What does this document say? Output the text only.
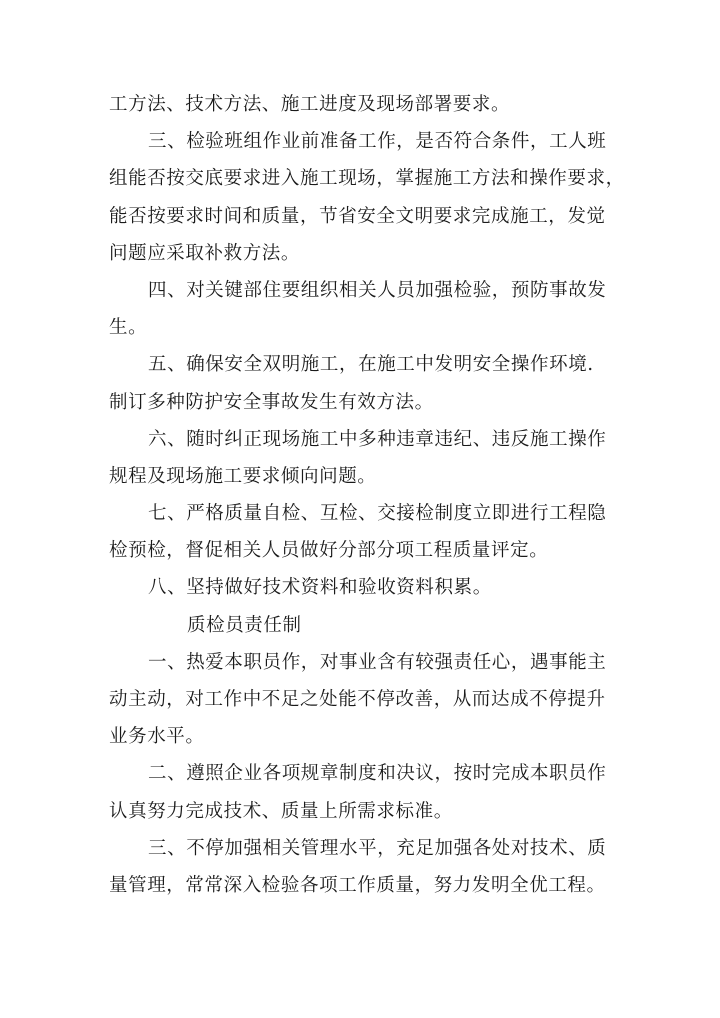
工方法、技术方法、施工进度及现场部署要求。
三、检验班组作业前准备工作，是否符合条件，工人班
组能否按交底要求进入施工现场，掌握施工方法和操作要求，
能否按要求时间和质量，节省安全文明要求完成施工，发觉
问题应采取补救方法。
四、对关键部住要组织相关人员加强检验，预防事故发
生。
五、确保安全双明施工，在施工中发明安全操作环境.
制订多种防护安全事故发生有效方法。
六、随时纠正现场施工中多种违章违纪、违反施工操作
规程及现场施工要求倾向问题。
七、严格质量自检、互检、交接检制度立即进行工程隐
检预检，督促相关人员做好分部分项工程质量评定。
八、坚持做好技术资料和验收资料积累。
质检员责任制
一、热爱本职员作，对事业含有较强责任心，遇事能主
动主动，对工作中不足之处能不停改善，从而达成不停提升
业务水平。
二、遵照企业各项规章制度和决议，按时完成本职员作
认真努力完成技术、质量上所需求标准。
三、不停加强相关管理水平，充足加强各处对技术、质
量管理，常常深入检验各项工作质量，努力发明全优工程。
